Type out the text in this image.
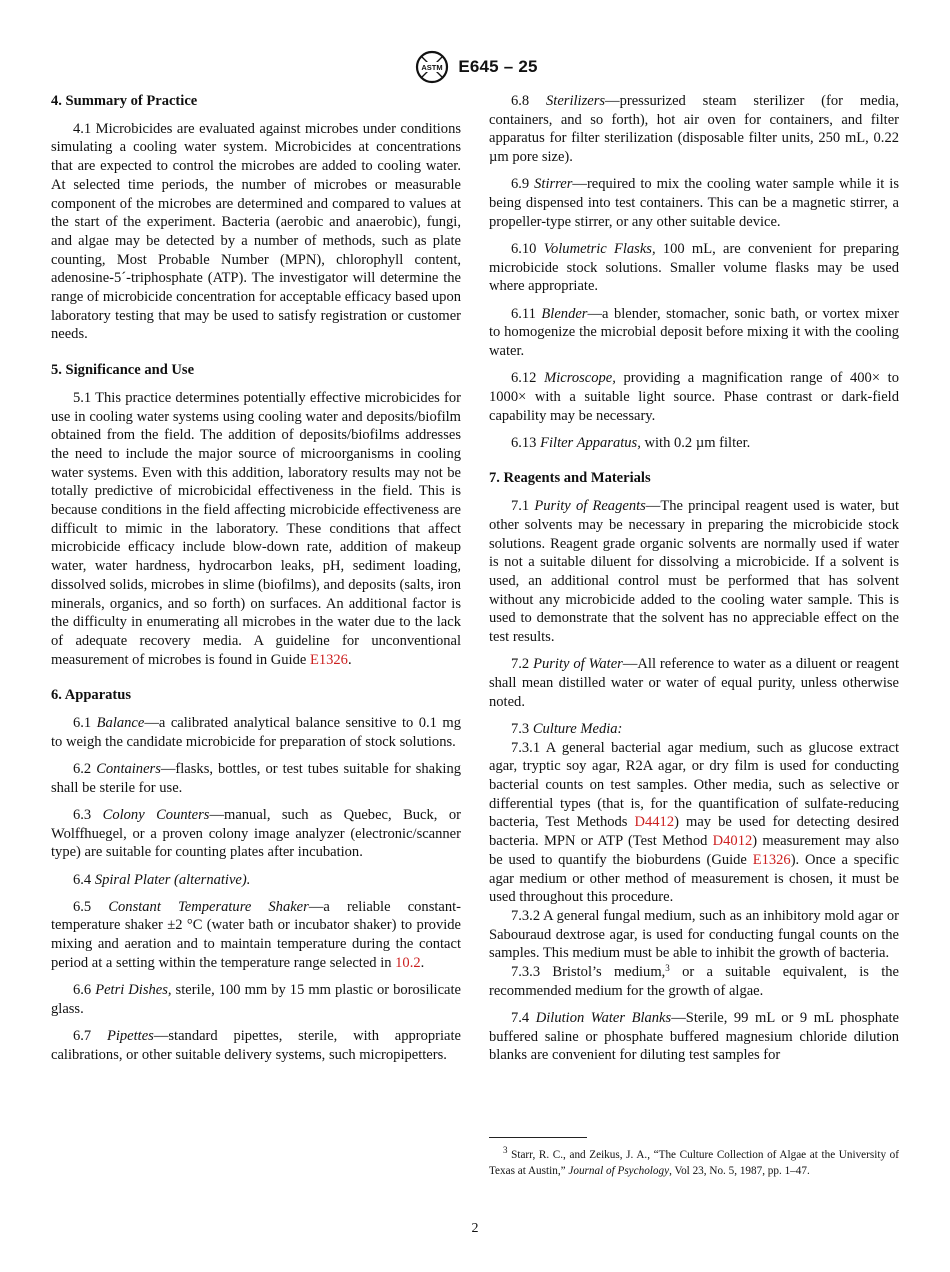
ASTM E645 – 25
4. Summary of Practice

4.1 Microbicides are evaluated against microbes under conditions simulating a cooling water system. Microbicides at concentrations that are expected to control the microbes are added to cooling water. At selected time periods, the number of microbes or measurable component of the microbes are determined and compared to values at the start of the experiment. Bacteria (aerobic and anaerobic), fungi, and algae may be detected by a number of methods, such as plate counting, Most Probable Number (MPN), chlorophyll content, adenosine-5´-triphosphate (ATP). The investigator will determine the range of microbicide concentration for acceptable efficacy based upon laboratory testing that may be used to satisfy registration or customer needs.

5. Significance and Use

5.1 This practice determines potentially effective microbicides for use in cooling water systems using cooling water and deposits/biofilm obtained from the field. The addition of deposits/biofilms addresses the need to include the major source of microorganisms in cooling water systems. Even with this addition, laboratory results may not be totally predictive of microbicidal effectiveness in the field. This is because conditions in the field affecting microbicide effectiveness are difficult to mimic in the laboratory. These conditions that affect microbicide efficacy include blow-down rate, addition of makeup water, water hardness, hydrocarbon leaks, pH, sediment loading, dissolved solids, microbes in slime (biofilms), and deposits (salts, iron minerals, organics, and so forth) on surfaces. An additional factor is the difficulty in enumerating all microbes in the water due to the lack of adequate recovery media. A guideline for unconventional measurement of microbes is found in Guide E1326.

6. Apparatus

6.1 Balance—a calibrated analytical balance sensitive to 0.1 mg to weigh the candidate microbicide for preparation of stock solutions.

6.2 Containers—flasks, bottles, or test tubes suitable for shaking shall be sterile for use.

6.3 Colony Counters—manual, such as Quebec, Buck, or Wolffhuegel, or a proven colony image analyzer (electronic/scanner type) are suitable for counting plates after incubation.

6.4 Spiral Plater (alternative).

6.5 Constant Temperature Shaker—a reliable constant-temperature shaker ±2 °C (water bath or incubator shaker) to provide mixing and aeration and to maintain temperature during the contact period at a setting within the temperature range selected in 10.2.

6.6 Petri Dishes, sterile, 100 mm by 15 mm plastic or borosilicate glass.

6.7 Pipettes—standard pipettes, sterile, with appropriate calibrations, or other suitable delivery systems, such micropipetters.

6.8 Sterilizers—pressurized steam sterilizer (for media, containers, and so forth), hot air oven for containers, and filter apparatus for filter sterilization (disposable filter units, 250 mL, 0.22 µm pore size).

6.9 Stirrer—required to mix the cooling water sample while it is being dispensed into test containers. This can be a magnetic stirrer, a propeller-type stirrer, or any other suitable device.

6.10 Volumetric Flasks, 100 mL, are convenient for preparing microbicide stock solutions. Smaller volume flasks may be used where appropriate.

6.11 Blender—a blender, stomacher, sonic bath, or vortex mixer to homogenize the microbial deposit before mixing it with the cooling water.

6.12 Microscope, providing a magnification range of 400× to 1000× with a suitable light source. Phase contrast or dark-field capability may be necessary.

6.13 Filter Apparatus, with 0.2 µm filter.

7. Reagents and Materials

7.1 Purity of Reagents—The principal reagent used is water, but other solvents may be necessary in preparing the microbicide stock solutions. Reagent grade organic solvents are normally used if water is not a suitable diluent for dissolving a microbicide. If a solvent is used, an additional control must be performed that has solvent without any microbicide added to the cooling water sample. This is used to demonstrate that the solvent has no appreciable effect on the test results.

7.2 Purity of Water—All reference to water as a diluent or reagent shall mean distilled water or water of equal purity, unless otherwise noted.

7.3 Culture Media:

7.3.1 A general bacterial agar medium, such as glucose extract agar, tryptic soy agar, R2A agar, or dry film is used for conducting bacterial counts on test samples. Other media, such as selective or differential types (that is, for the quantification of sulfate-reducing bacteria, Test Methods D4412) may be used for detecting desired bacteria. MPN or ATP (Test Method D4012) measurement may also be used to quantify the bioburdens (Guide E1326). Once a specific agar medium or other method of measurement is chosen, it must be used throughout this procedure.

7.3.2 A general fungal medium, such as an inhibitory mold agar or Sabouraud dextrose agar, is used for conducting fungal counts on the samples. This medium must be able to inhibit the growth of bacteria.

7.3.3 Bristol’s medium,$^3$ or a suitable equivalent, is the recommended medium for the growth of algae.

7.4 Dilution Water Blanks—Sterile, 99 mL or 9 mL phosphate buffered saline or phosphate buffered magnesium chloride dilution blanks are convenient for diluting test samples for

$^3$ Starr, R. C., and Zeikus, J. A., “The Culture Collection of Algae at the University of Texas at Austin,” Journal of Psychology, Vol 23, No. 5, 1987, pp. 1–47.
2
